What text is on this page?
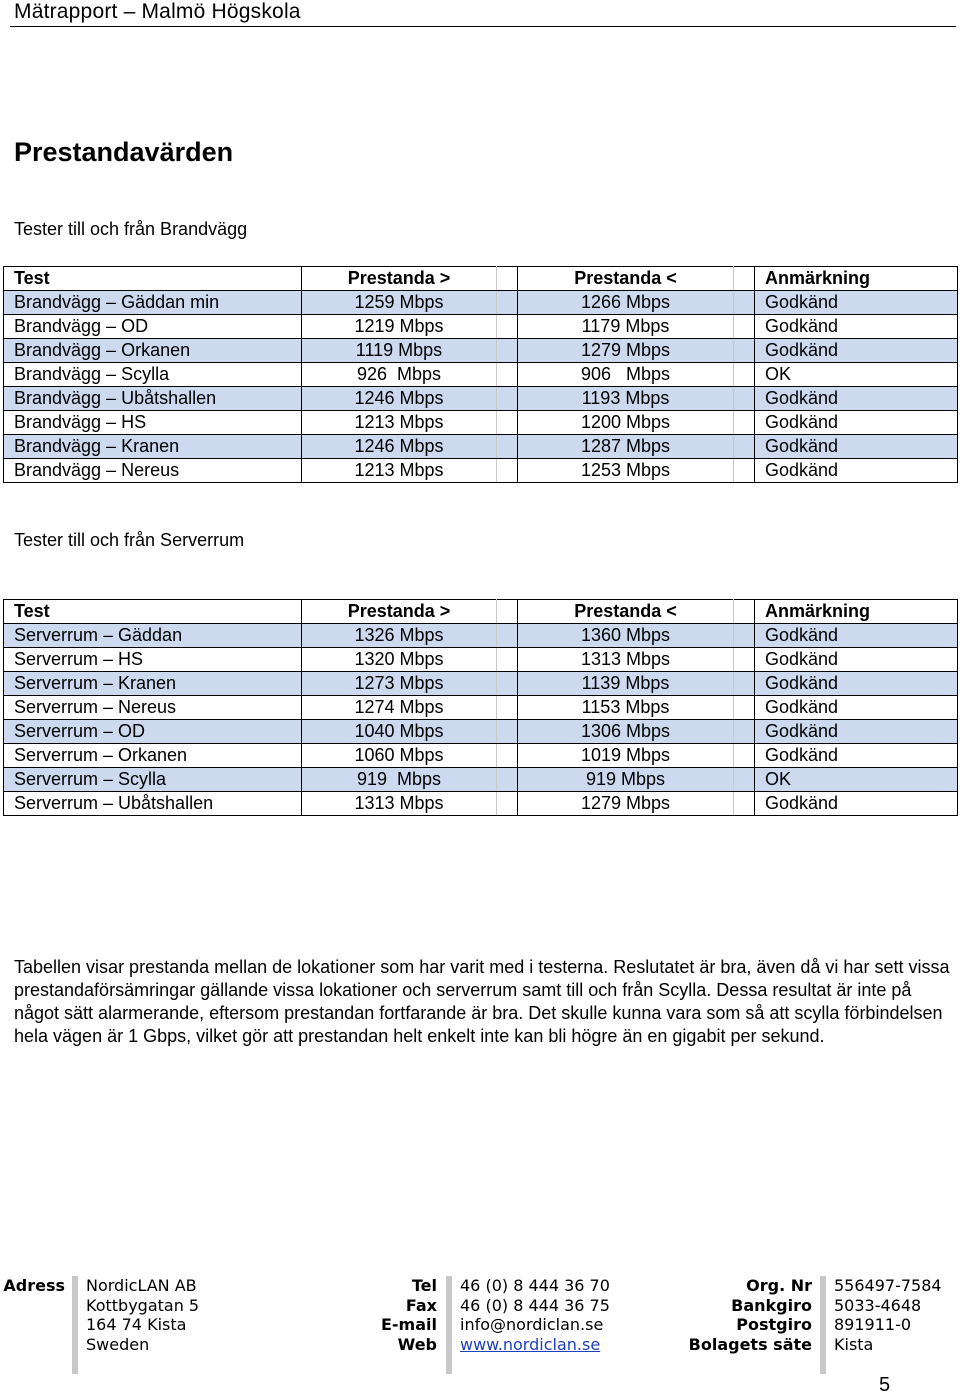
Mätrapport – Malmö Högskola
Prestandavärden
Tester till och från Brandvägg
Test	Prestanda >		Prestanda <		Anmärkning
Brandvägg – Gäddan min	1259 Mbps		1266 Mbps		Godkänd
Brandvägg – OD	1219 Mbps		1179 Mbps		Godkänd
Brandvägg – Orkanen	1119 Mbps		1279 Mbps		Godkänd
Brandvägg – Scylla	926  Mbps		906   Mbps		OK
Brandvägg – Ubåtshallen	1246 Mbps		1193 Mbps		Godkänd
Brandvägg – HS	1213 Mbps		1200 Mbps		Godkänd
Brandvägg – Kranen	1246 Mbps		1287 Mbps		Godkänd
Brandvägg – Nereus	1213 Mbps		1253 Mbps		Godkänd
Tester till och från Serverrum
Test	Prestanda >		Prestanda <		Anmärkning
Serverrum – Gäddan	1326 Mbps		1360 Mbps		Godkänd
Serverrum – HS	1320 Mbps		1313 Mbps		Godkänd
Serverrum – Kranen	1273 Mbps		1139 Mbps		Godkänd
Serverrum – Nereus	1274 Mbps		1153 Mbps		Godkänd
Serverrum – OD	1040 Mbps		1306 Mbps		Godkänd
Serverrum – Orkanen	1060 Mbps		1019 Mbps		Godkänd
Serverrum – Scylla	919  Mbps		919 Mbps		OK
Serverrum – Ubåtshallen	1313 Mbps		1279 Mbps		Godkänd

Tabellen visar prestanda mellan de lokationer som har varit med i testerna. Reslutatet är bra, även då vi har sett vissa prestandaförsämringar gällande vissa lokationer och serverrum samt till och från Scylla. Dessa resultat är inte på något sätt alarmerande, eftersom prestandan fortfarande är bra. Det skulle kunna vara som så att scylla förbindelsen hela vägen är 1 Gbps, vilket gör att prestandan helt enkelt inte kan bli högre än en gigabit per sekund.

Adress NordicLAN AB
Kottbygatan 5
164 74 Kista
Sweden
Tel
Fax
E-mail
Web
46 (0) 8 444 36 70
46 (0) 8 444 36 75
info@nordiclan.se
www.nordiclan.se
Org. Nr
Bankgiro
Postgiro
Bolagets säte
556497-7584
5033-4648
891911-0
Kista
5
